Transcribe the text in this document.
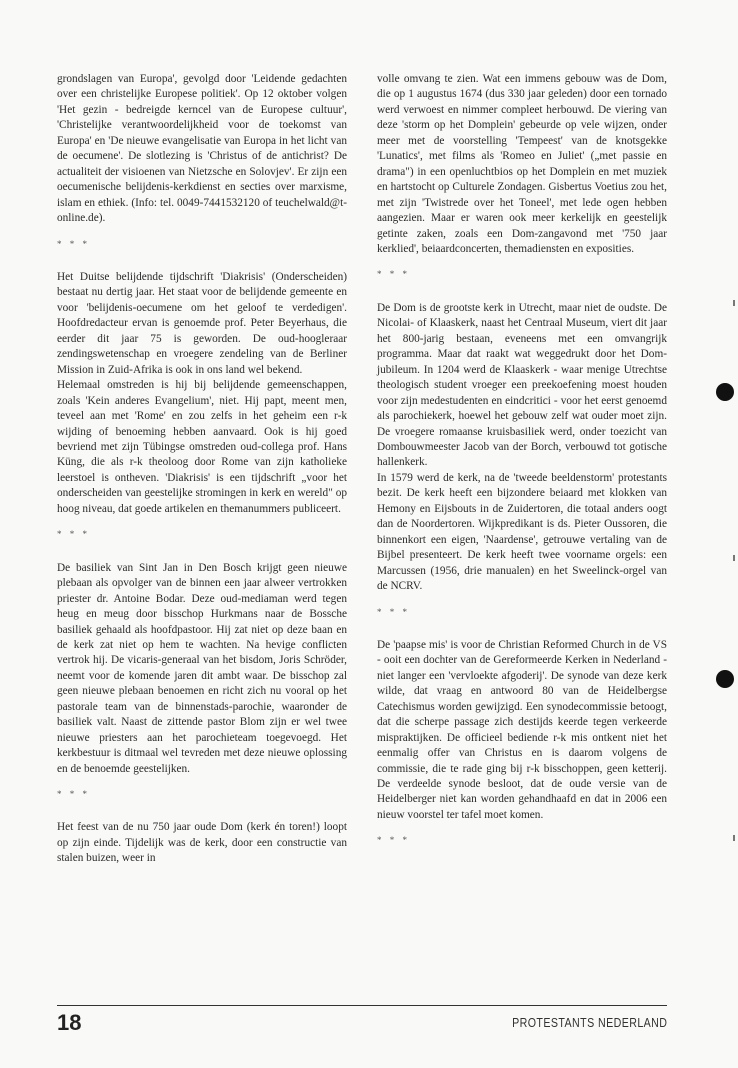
grondslagen van Europa', gevolgd door 'Leidende gedachten over een christelijke Europese politiek'. Op 12 oktober volgen 'Het gezin - bedreigde kerncel van de Europese cultuur', 'Christelijke verantwoordelijkheid voor de toekomst van Europa' en 'De nieuwe evangelisatie van Europa in het licht van de oecumene'. De slotlezing is 'Christus of de antichrist? De actualiteit der visioenen van Nietzsche en Solovjev'. Er zijn een oecumenische belijdenis-kerkdienst en secties over marxisme, islam en ethiek. (Info: tel. 0049-7441532120 of teuchelwald@t-online.de).

* * *

Het Duitse belijdende tijdschrift 'Diakrisis' (Onderscheiden) bestaat nu dertig jaar. Het staat voor de belijdende gemeente en voor 'belijdenis-oecumene om het geloof te verdedigen'. Hoofdredacteur ervan is genoemde prof. Peter Beyerhaus, die eerder dit jaar 75 is geworden. De oud-hoogleraar zendingswetenschap en vroegere zendeling van de Berliner Mission in Zuid-Afrika is ook in ons land wel bekend.

Helemaal omstreden is hij bij belijdende gemeenschappen, zoals 'Kein anderes Evangelium', niet. Hij papt, meent men, teveel aan met 'Rome' en zou zelfs in het geheim een r-k wijding of benoeming hebben aanvaard. Ook is hij goed bevriend met zijn Tübingse omstreden oud-collega prof. Hans Küng, die als r-k theoloog door Rome van zijn katholieke leerstoel is ontheven. 'Diakrisis' is een tijdschrift „voor het onderscheiden van geestelijke stromingen in kerk en wereld" op hoog niveau, dat goede artikelen en themanummers publiceert.

* * *

De basiliek van Sint Jan in Den Bosch krijgt geen nieuwe plebaan als opvolger van de binnen een jaar alweer vertrokken priester dr. Antoine Bodar. Deze oud-mediaman werd tegen heug en meug door bisschop Hurkmans naar de Bossche basiliek gehaald als hoofdpastoor. Hij zat niet op deze baan en de kerk zat niet op hem te wachten. Na hevige conflicten vertrok hij. De vicaris-generaal van het bisdom, Joris Schröder, neemt voor de komende jaren dit ambt waar. De bisschop zal geen nieuwe plebaan benoemen en richt zich nu vooral op het pastorale team van de binnenstads-parochie, waaronder de basiliek valt. Naast de zittende pastor Blom zijn er wel twee nieuwe priesters aan het parochieteam toegevoegd. Het kerkbestuur is ditmaal wel tevreden met deze nieuwe oplossing en de benoemde geestelijken.

* * *

Het feest van de nu 750 jaar oude Dom (kerk én toren!) loopt op zijn einde. Tijdelijk was de kerk, door een constructie van stalen buizen, weer in

volle omvang te zien. Wat een immens gebouw was de Dom, die op 1 augustus 1674 (dus 330 jaar geleden) door een tornado werd verwoest en nimmer compleet herbouwd. De viering van deze 'storm op het Domplein' gebeurde op vele wijzen, onder meer met de voorstelling 'Tempeest' van de knotsgekke 'Lunatics', met films als 'Romeo en Juliet' („met passie en drama") in een openluchtbios op het Domplein en met muziek en hartstocht op Culturele Zondagen. Gisbertus Voetius zou het, met zijn 'Twistrede over het Toneel', met lede ogen hebben aangezien. Maar er waren ook meer kerkelijk en geestelijk getinte zaken, zoals een Dom-zangavond met '750 jaar kerklied', beiaardconcerten, themadiensten en exposities.

* * *

De Dom is de grootste kerk in Utrecht, maar niet de oudste. De Nicolai- of Klaaskerk, naast het Centraal Museum, viert dit jaar het 800-jarig bestaan, eveneens met een omvangrijk programma. Maar dat raakt wat weggedrukt door het Dom-jubileum. In 1204 werd de Klaaskerk - waar menige Utrechtse theologisch student vroeger een preekoefening moest houden voor zijn medestudenten en eindcritici - voor het eerst genoemd als parochiekerk, hoewel het gebouw zelf wat ouder moet zijn. De vroegere romaanse kruisbasiliek werd, onder toezicht van Dombouwmeester Jacob van der Borch, verbouwd tot gotische hallenkerk.

In 1579 werd de kerk, na de 'tweede beeldenstorm' protestants bezit. De kerk heeft een bijzondere beiaard met klokken van Hemony en Eijsbouts in de Zuidertoren, die totaal anders oogt dan de Noordertoren. Wijkpredikant is ds. Pieter Oussoren, die binnenkort een eigen, 'Naardense', getrouwe vertaling van de Bijbel presenteert. De kerk heeft twee voorname orgels: een Marcussen (1956, drie manualen) en het Sweelinck-orgel van de NCRV.

* * *

De 'paapse mis' is voor de Christian Reformed Church in de VS - ooit een dochter van de Gereformeerde Kerken in Nederland - niet langer een 'vervloekte afgoderij'. De synode van deze kerk wilde, dat vraag en antwoord 80 van de Heidelbergse Catechismus worden gewijzigd. Een synodecommissie betoogt, dat die scherpe passage zich destijds keerde tegen verkeerde mispraktijken. De officieel bediende r-k mis ontkent niet het eenmalig offer van Christus en is daarom volgens de commissie, die te rade ging bij r-k bisschoppen, geen ketterij. De verdeelde synode besloot, dat de oude versie van de Heidelberger niet kan worden gehandhaafd en dat in 2006 een nieuw voorstel ter tafel moet komen.

* * *
18	PROTESTANTS NEDERLAND
